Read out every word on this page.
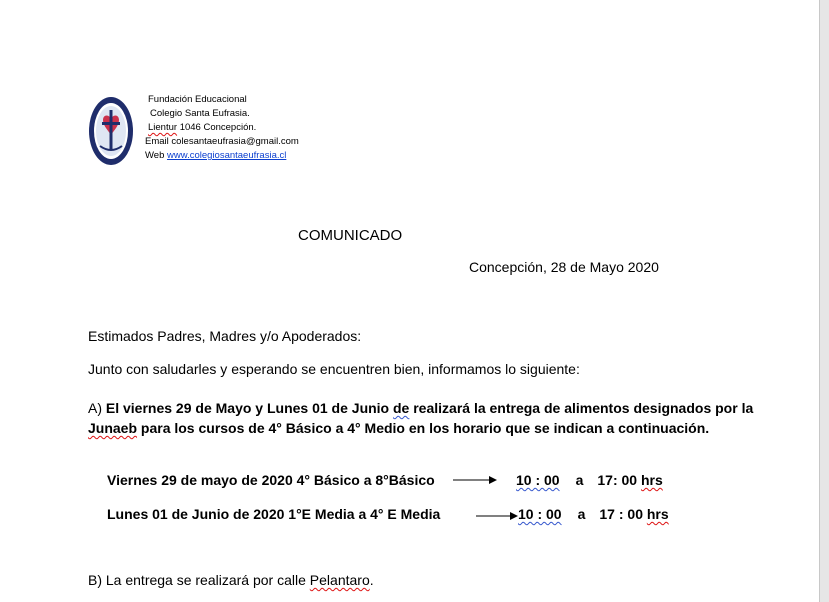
Fundación Educacional
Colegio Santa Eufrasia.
Lientur 1046 Concepción.
Email colesantaeufrasia@gmail.com
Web www.colegiosantaeufrasia.cl
COMUNICADO
Concepción, 28 de Mayo 2020
Estimados Padres, Madres y/o Apoderados:
Junto con saludarles y esperando se encuentren bien, informamos lo siguiente:
A) El viernes 29 de Mayo y Lunes 01 de Junio de realizará la entrega de alimentos designados por la
Junaeb para los cursos de 4° Básico a 4° Medio en los horario que se indican a continuación.
Viernes 29 de mayo de 2020 4° Básico a 8°Básico	10 : 00 a 17: 00 hrs
Lunes 01 de Junio de 2020 1°E Media a 4° E Media	10 : 00 a 17 : 00 hrs
B) La entrega se realizará por calle Pelantaro.
